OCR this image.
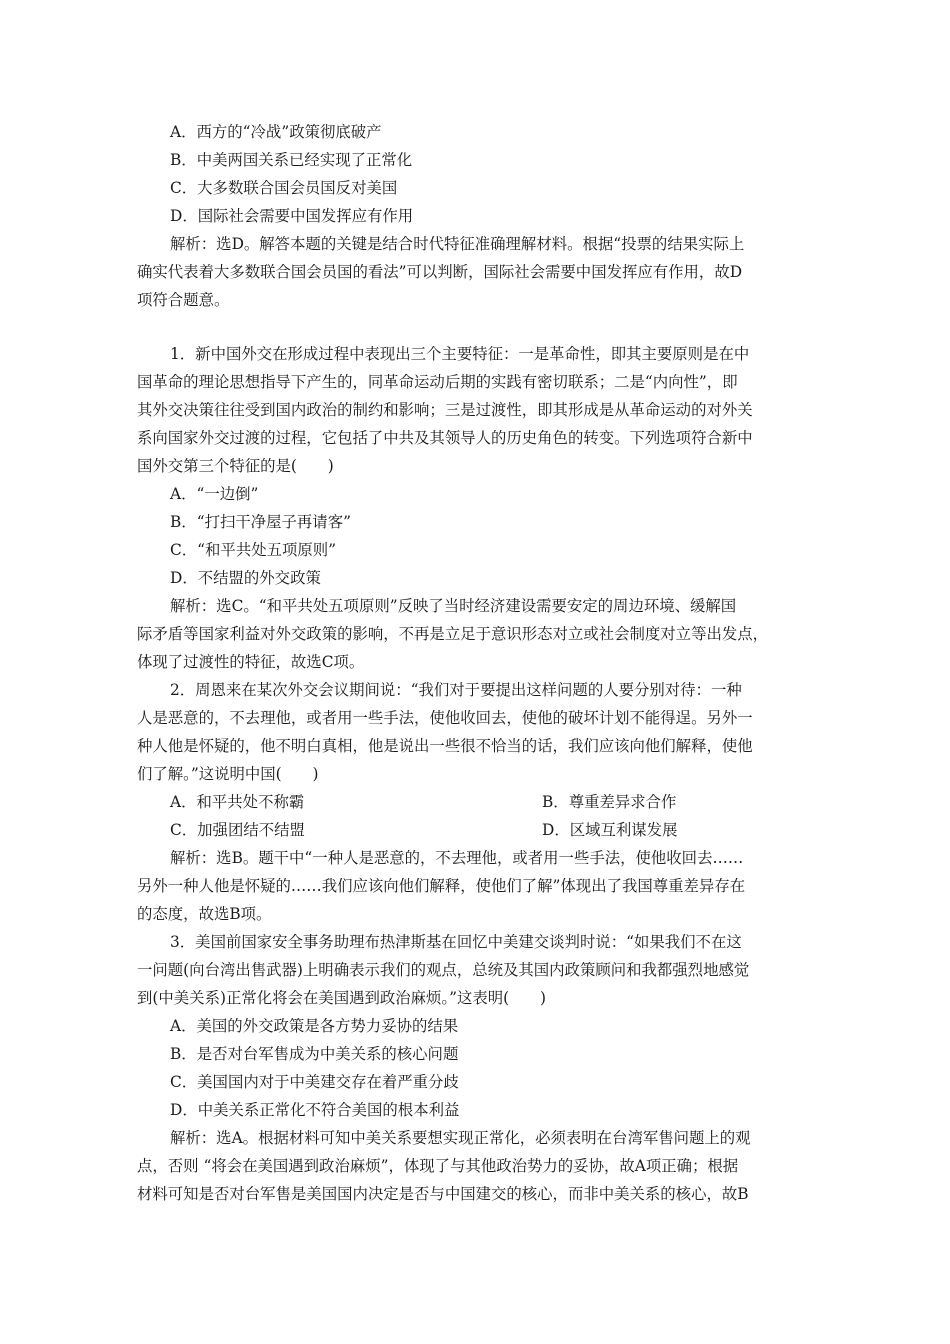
A．西方的“冷战”政策彻底破产
B．中美两国关系已经实现了正常化
C．大多数联合国会员国反对美国
D．国际社会需要中国发挥应有作用
解析：选D。解答本题的关键是结合时代特征准确理解材料。根据“投票的结果实际上
确实代表着大多数联合国会员国的看法”可以判断，国际社会需要中国发挥应有作用，故D
项符合题意。
1．新中国外交在形成过程中表现出三个主要特征：一是革命性，即其主要原则是在中
国革命的理论思想指导下产生的，同革命运动后期的实践有密切联系；二是“内向性”，即
其外交决策往往受到国内政治的制约和影响；三是过渡性，即其形成是从革命运动的对外关
系向国家外交过渡的过程，它包括了中共及其领导人的历史角色的转变。下列选项符合新中
国外交第三个特征的是(　　)
A．“一边倒”
B．“打扫干净屋子再请客”
C．“和平共处五项原则”
D．不结盟的外交政策
解析：选C。“和平共处五项原则”反映了当时经济建设需要安定的周边环境、缓解国
际矛盾等国家利益对外交政策的影响，不再是立足于意识形态对立或社会制度对立等出发点，
体现了过渡性的特征，故选C项。
2．周恩来在某次外交会议期间说：“我们对于要提出这样问题的人要分别对待：一种
人是恶意的，不去理他，或者用一些手法，使他收回去，使他的破坏计划不能得逞。另外一
种人他是怀疑的，他不明白真相，他是说出一些很不恰当的话，我们应该向他们解释，使他
们了解。”这说明中国(　　)
A．和平共处不称霸	B．尊重差异求合作
C．加强团结不结盟	D．区域互利谋发展
解析：选B。题干中“一种人是恶意的，不去理他，或者用一些手法，使他收回去……
另外一种人他是怀疑的……我们应该向他们解释，使他们了解”体现出了我国尊重差异存在
的态度，故选B项。
3．美国前国家安全事务助理布热津斯基在回忆中美建交谈判时说：“如果我们不在这
一问题(向台湾出售武器)上明确表示我们的观点，总统及其国内政策顾问和我都强烈地感觉
到(中美关系)正常化将会在美国遇到政治麻烦。”这表明(　　)
A．美国的外交政策是各方势力妥协的结果
B．是否对台军售成为中美关系的核心问题
C．美国国内对于中美建交存在着严重分歧
D．中美关系正常化不符合美国的根本利益
解析：选A。根据材料可知中美关系要想实现正常化，必须表明在台湾军售问题上的观
点，否则 “将会在美国遇到政治麻烦”，体现了与其他政治势力的妥协，故A项正确；根据
材料可知是否对台军售是美国国内决定是否与中国建交的核心，而非中美关系的核心，故B
